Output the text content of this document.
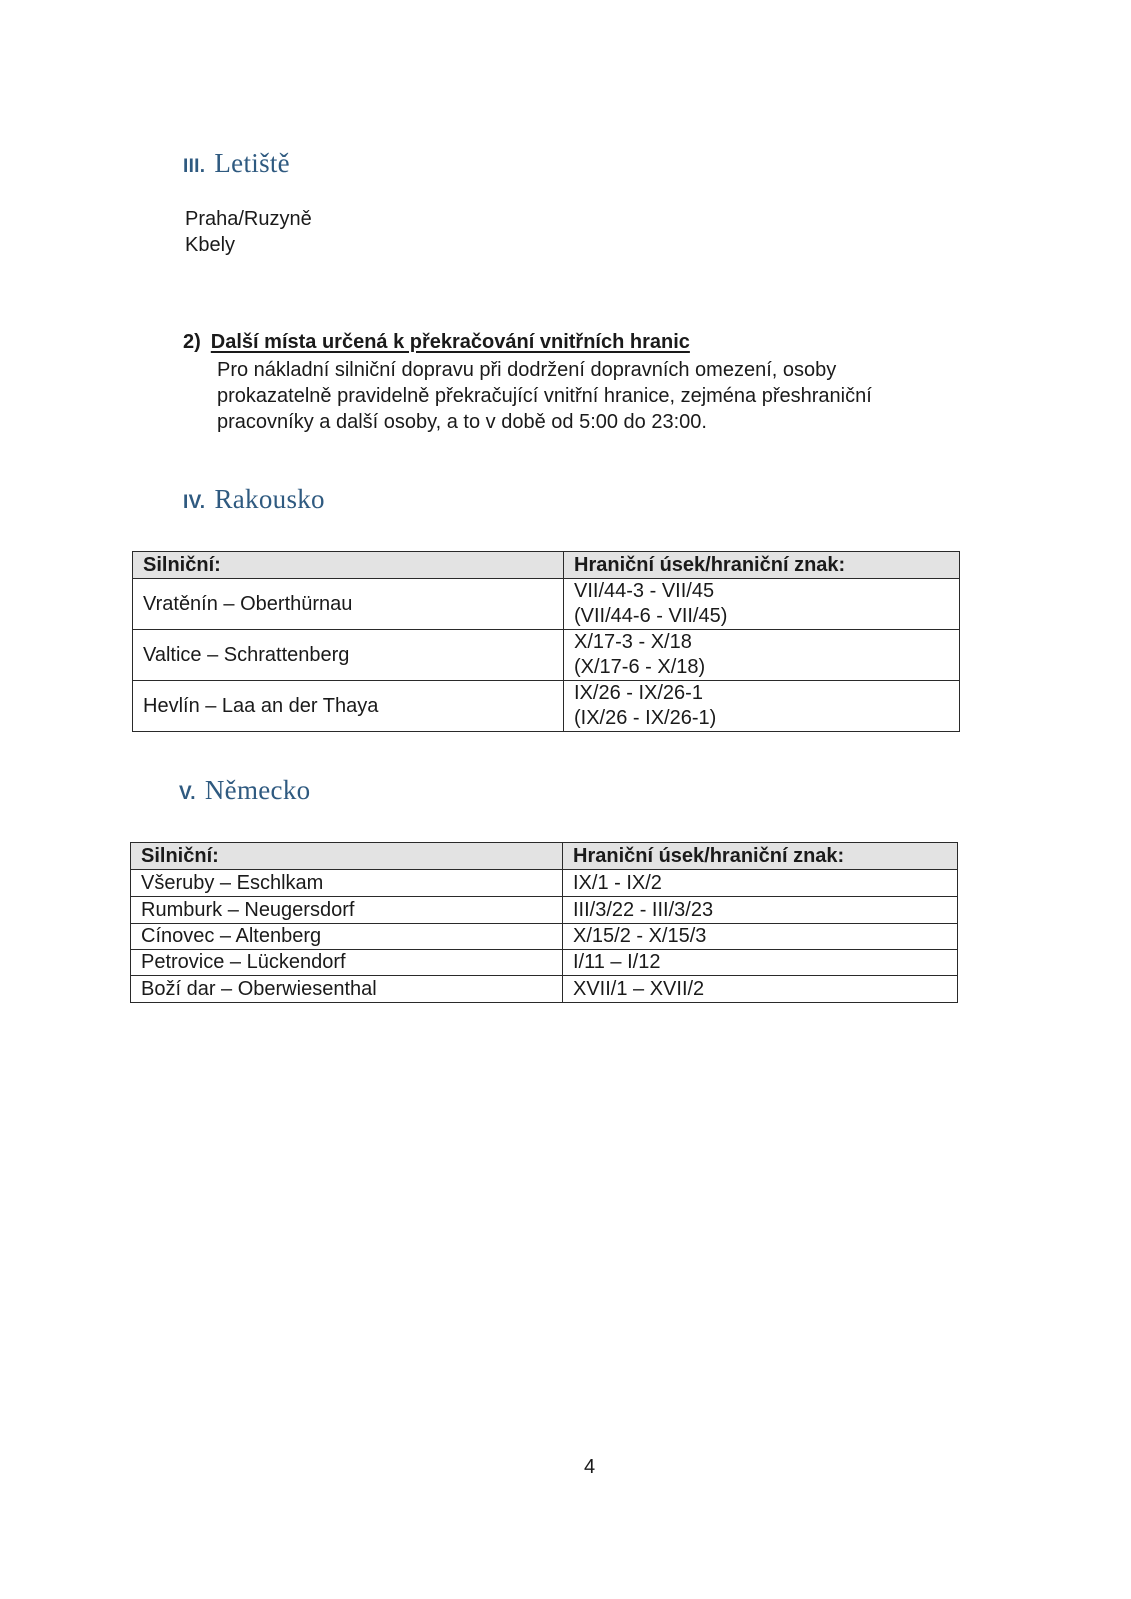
III. Letiště
Praha/Ruzyně
Kbely
2) Další místa určená k překračování vnitřních hranic
Pro nákladní silniční dopravu při dodržení dopravních omezení, osoby
prokazatelně pravidelně překračující vnitřní hranice, zejména přeshraniční
pracovníky a další osoby, a to v době od 5:00 do 23:00.
IV. Rakousko
Silniční:	Hraniční úsek/hraniční znak:
Vratěnín – Oberthürnau	VII/44-3 - VII/45
(VII/44-6 - VII/45)

Valtice – Schrattenberg	X/17-3 - X/18
(X/17-6 - X/18)

Hevlín – Laa an der Thaya	IX/26 - IX/26-1
(IX/26 - IX/26-1)
V. Německo
Silniční:	Hraniční úsek/hraniční znak:
Všeruby – Eschlkam	IX/1 - IX/2
Rumburk – Neugersdorf	III/3/22 - III/3/23
Cínovec – Altenberg	X/15/2 - X/15/3
Petrovice – Lückendorf	I/11 – I/12
Boží dar – Oberwiesenthal	XVII/1 – XVII/2
4
